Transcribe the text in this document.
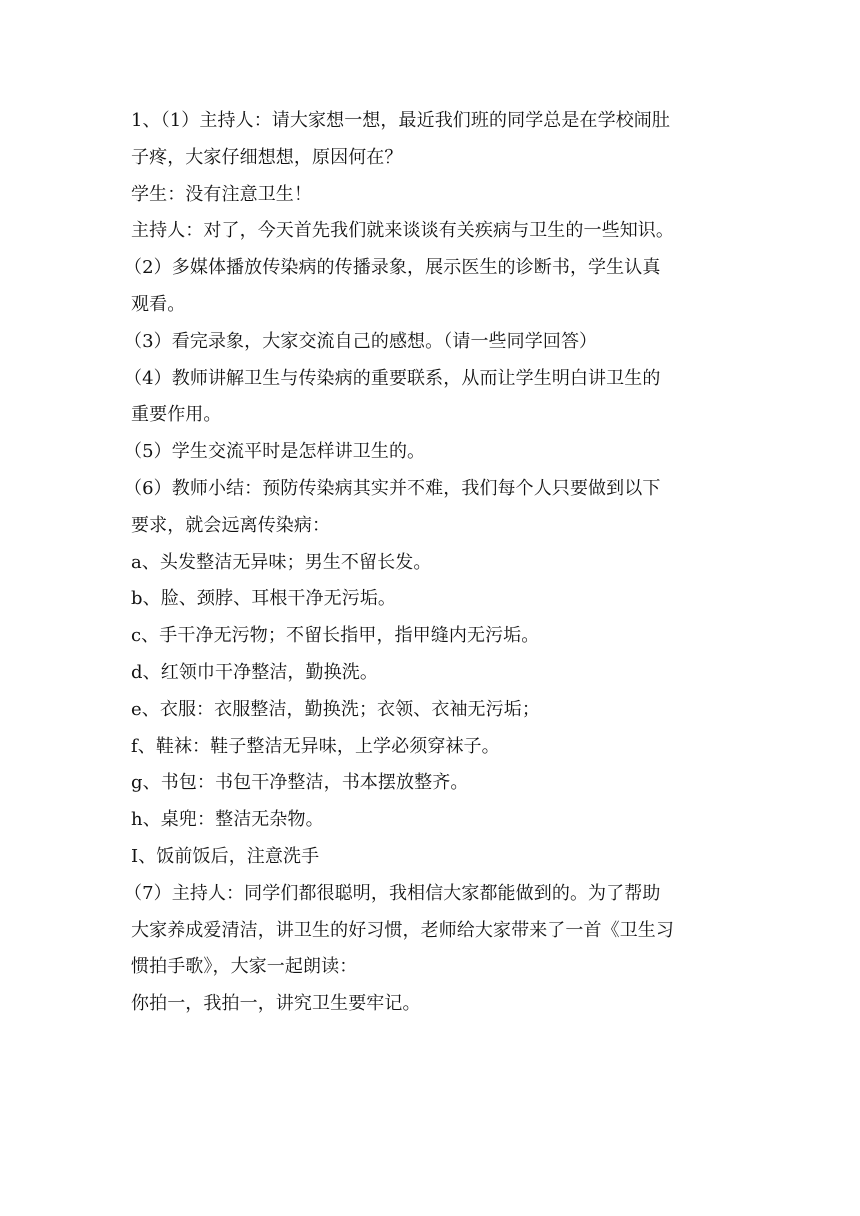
1、（1）主持人：请大家想一想，最近我们班的同学总是在学校闹肚
子疼，大家仔细想想，原因何在？
学生：没有注意卫生！
主持人：对了，今天首先我们就来谈谈有关疾病与卫生的一些知识。
（2）多媒体播放传染病的传播录象，展示医生的诊断书，学生认真
观看。
（3）看完录象，大家交流自己的感想。（请一些同学回答）
（4）教师讲解卫生与传染病的重要联系，从而让学生明白讲卫生的
重要作用。
（5）学生交流平时是怎样讲卫生的。
（6）教师小结：预防传染病其实并不难，我们每个人只要做到以下
要求，就会远离传染病：
a、头发整洁无异味；男生不留长发。
b、脸、颈脖、耳根干净无污垢。
c、手干净无污物；不留长指甲，指甲缝内无污垢。
d、红领巾干净整洁，勤换洗。
e、衣服：衣服整洁，勤换洗；衣领、衣袖无污垢；
f、鞋袜：鞋子整洁无异味，上学必须穿袜子。
g、书包：书包干净整洁，书本摆放整齐。
h、桌兜：整洁无杂物。
I、饭前饭后，注意洗手
（7）主持人：同学们都很聪明，我相信大家都能做到的。为了帮助
大家养成爱清洁，讲卫生的好习惯，老师给大家带来了一首《卫生习
惯拍手歌》，大家一起朗读：
你拍一，我拍一，讲究卫生要牢记。
